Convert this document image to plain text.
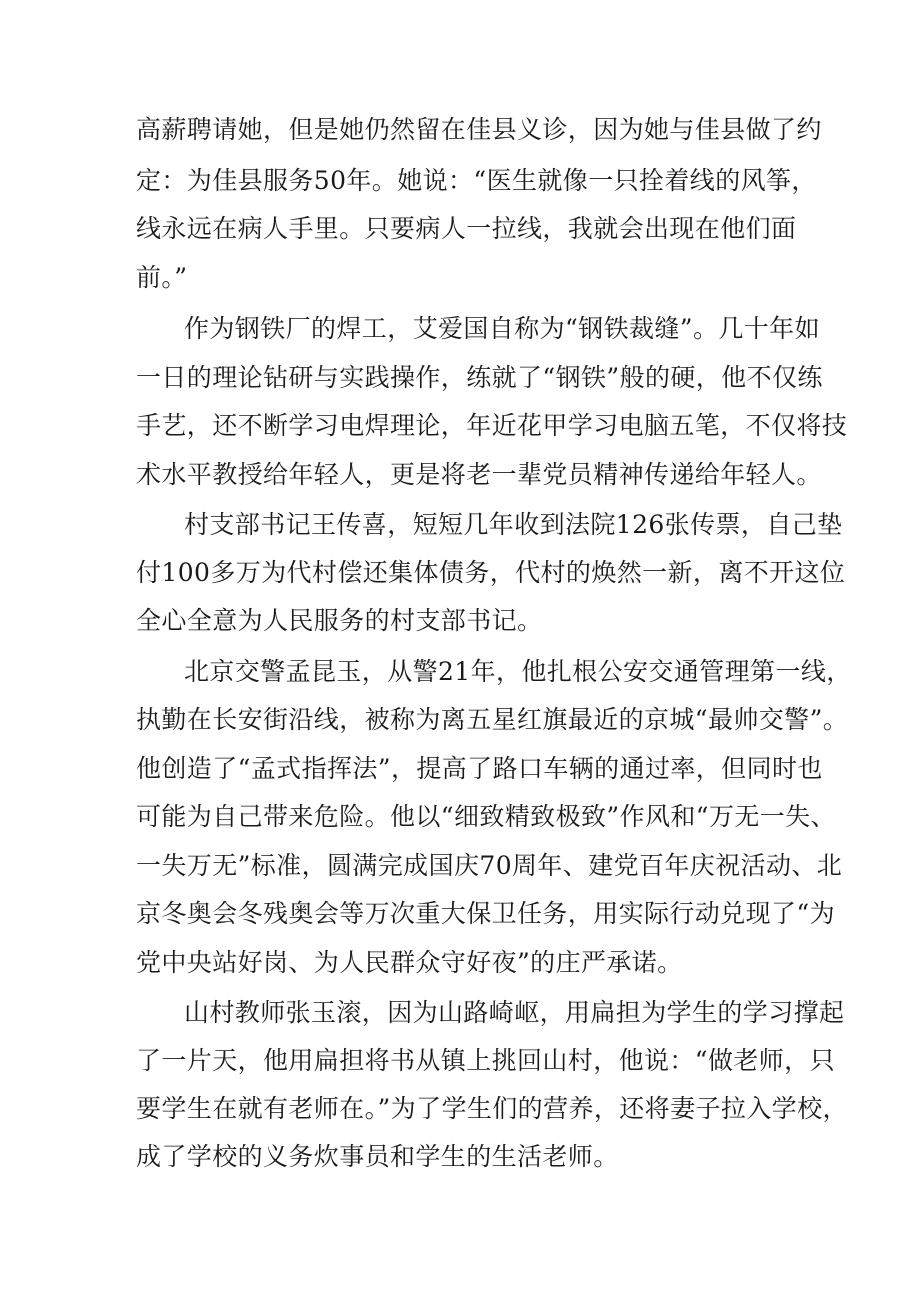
高薪聘请她，但是她仍然留在佳县义诊，因为她与佳县做了约

定：为佳县服务50年。她说：“医生就像一只拴着线的风筝，

线永远在病人手里。只要病人一拉线，我就会出现在他们面

前。”

作为钢铁厂的焊工，艾爱国自称为“钢铁裁缝”。几十年如

一日的理论钻研与实践操作，练就了“钢铁”般的硬，他不仅练

手艺，还不断学习电焊理论，年近花甲学习电脑五笔，不仅将技

术水平教授给年轻人，更是将老一辈党员精神传递给年轻人。

村支部书记王传喜，短短几年收到法院126张传票，自己垫

付100多万为代村偿还集体债务，代村的焕然一新，离不开这位

全心全意为人民服务的村支部书记。

北京交警孟昆玉，从警21年，他扎根公安交通管理第一线，

执勤在长安街沿线，被称为离五星红旗最近的京城“最帅交警”。

他创造了“孟式指挥法”，提高了路口车辆的通过率，但同时也

可能为自己带来危险。他以“细致精致极致”作风和“万无一失、

一失万无”标准，圆满完成国庆70周年、建党百年庆祝活动、北

京冬奥会冬残奥会等万次重大保卫任务，用实际行动兑现了“为

党中央站好岗、为人民群众守好夜”的庄严承诺。

山村教师张玉滚，因为山路崎岖，用扁担为学生的学习撑起

了一片天，他用扁担将书从镇上挑回山村，他说：“做老师，只

要学生在就有老师在。”为了学生们的营养，还将妻子拉入学校，

成了学校的义务炊事员和学生的生活老师。
